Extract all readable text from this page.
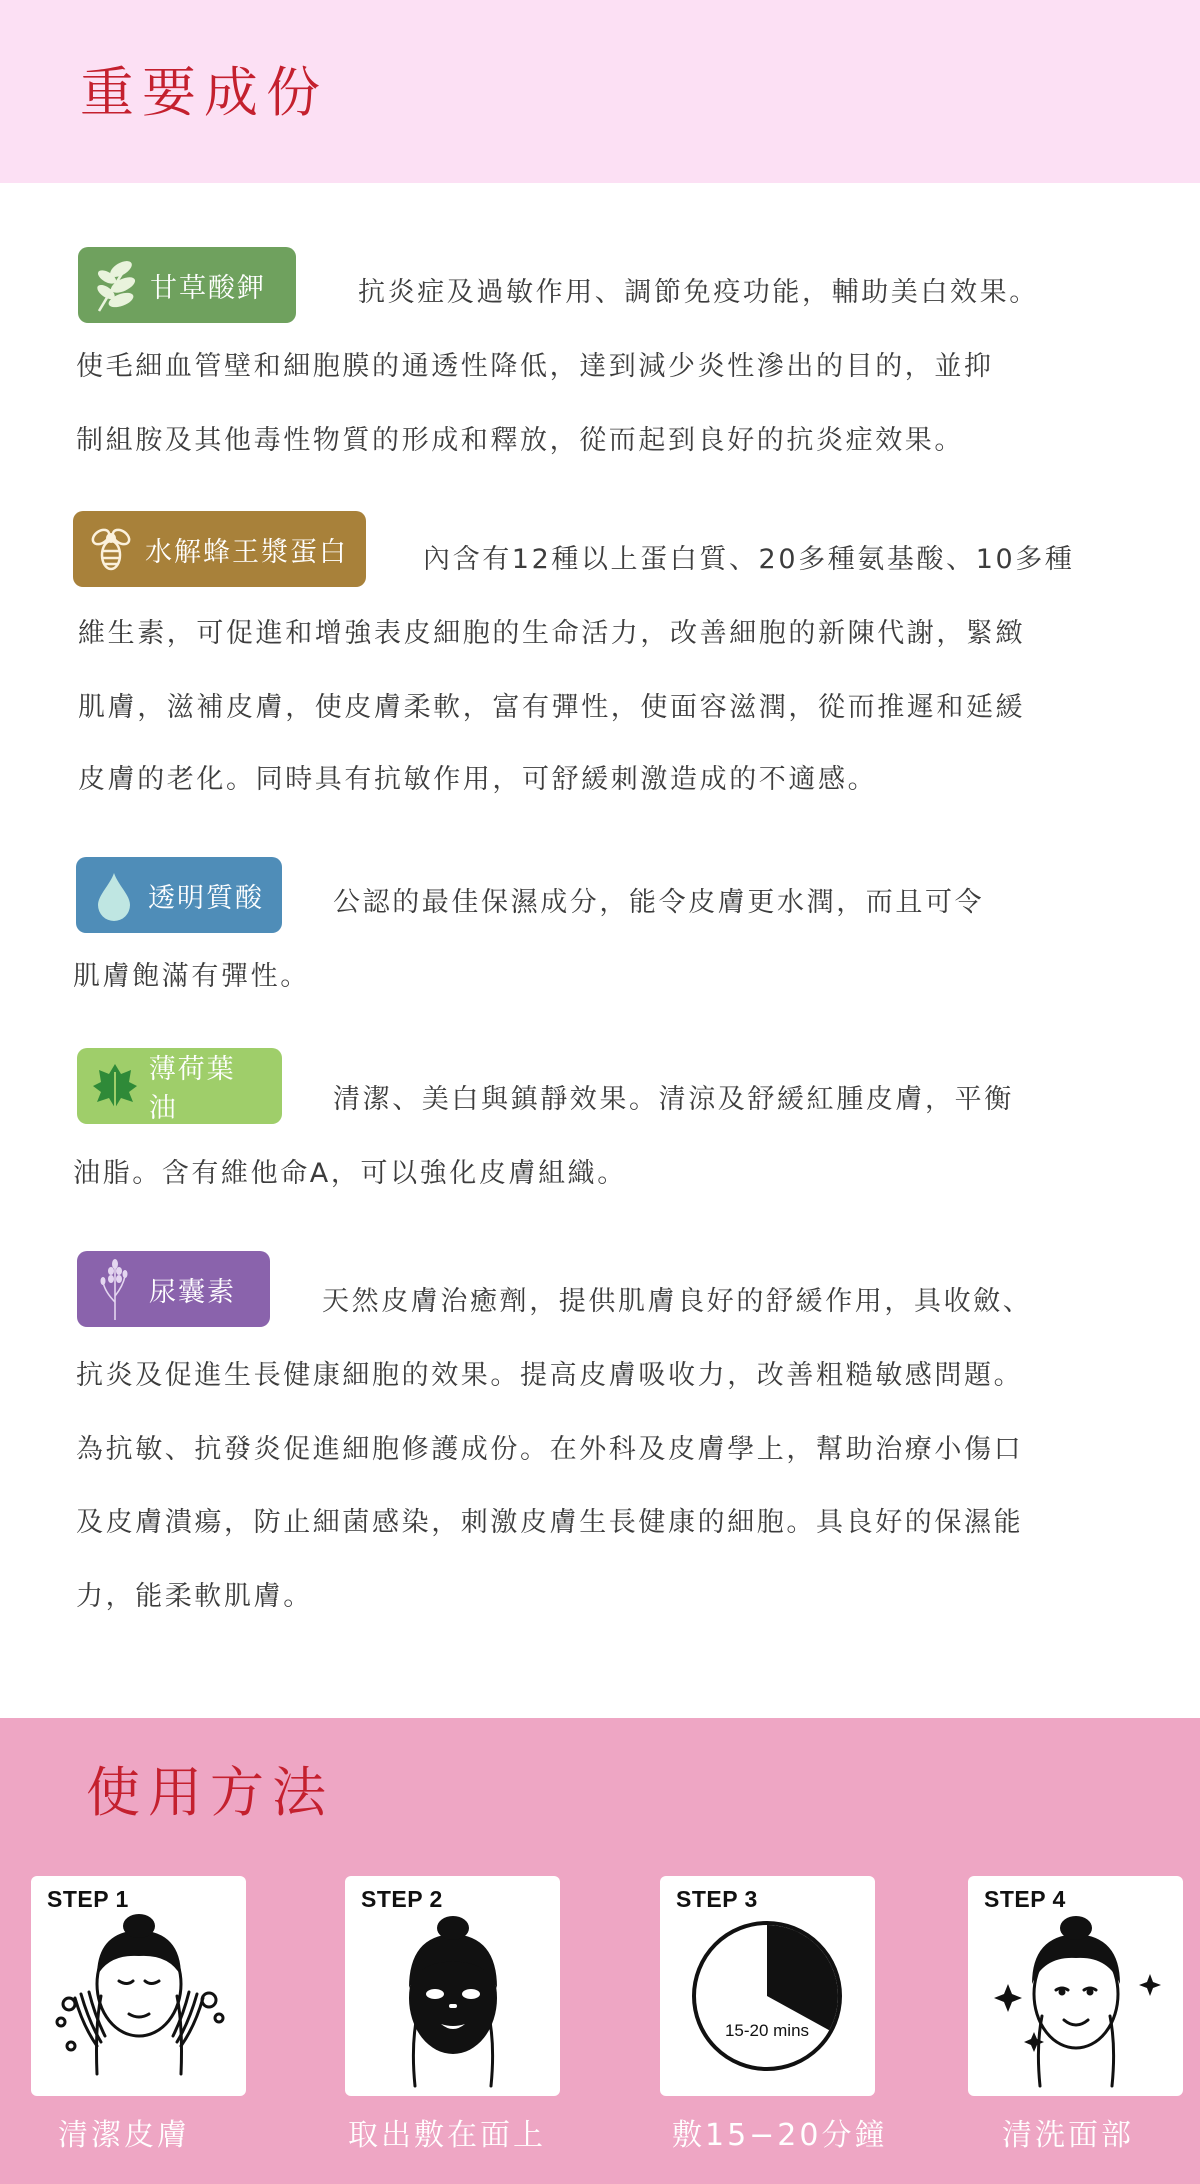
重要成份
甘草酸鉀	抗炎症及過敏作用、調節免疫功能，輔助美白效果。
使毛細血管壁和細胞膜的通透性降低，達到減少炎性滲出的目的，並抑
制組胺及其他毒性物質的形成和釋放，從而起到良好的抗炎症效果。
水解蜂王漿蛋白	內含有12種以上蛋白質、20多種氨基酸、10多種
維生素，可促進和增強表皮細胞的生命活力，改善細胞的新陳代謝，緊緻
肌膚，滋補皮膚，使皮膚柔軟，富有彈性，使面容滋潤，從而推遲和延緩
皮膚的老化。同時具有抗敏作用，可舒緩刺激造成的不適感。
透明質酸	公認的最佳保濕成分，能令皮膚更水潤，而且可令
肌膚飽滿有彈性。
薄荷葉油	清潔、美白與鎮靜效果。清涼及舒緩紅腫皮膚，平衡
油脂。含有維他命A，可以強化皮膚組織。
尿囊素	天然皮膚治癒劑，提供肌膚良好的舒緩作用，具收斂、
抗炎及促進生長健康細胞的效果。提高皮膚吸收力，改善粗糙敏感問題。
為抗敏、抗發炎促進細胞修護成份。在外科及皮膚學上，幫助治療小傷口
及皮膚潰瘍，防止細菌感染，刺激皮膚生長健康的細胞。具良好的保濕能
力，能柔軟肌膚。
使用方法
STEP 1
清潔皮膚
STEP 2
取出敷在面上
15-20 mins
STEP 3
敷15−20分鐘
STEP 4
清洗面部
